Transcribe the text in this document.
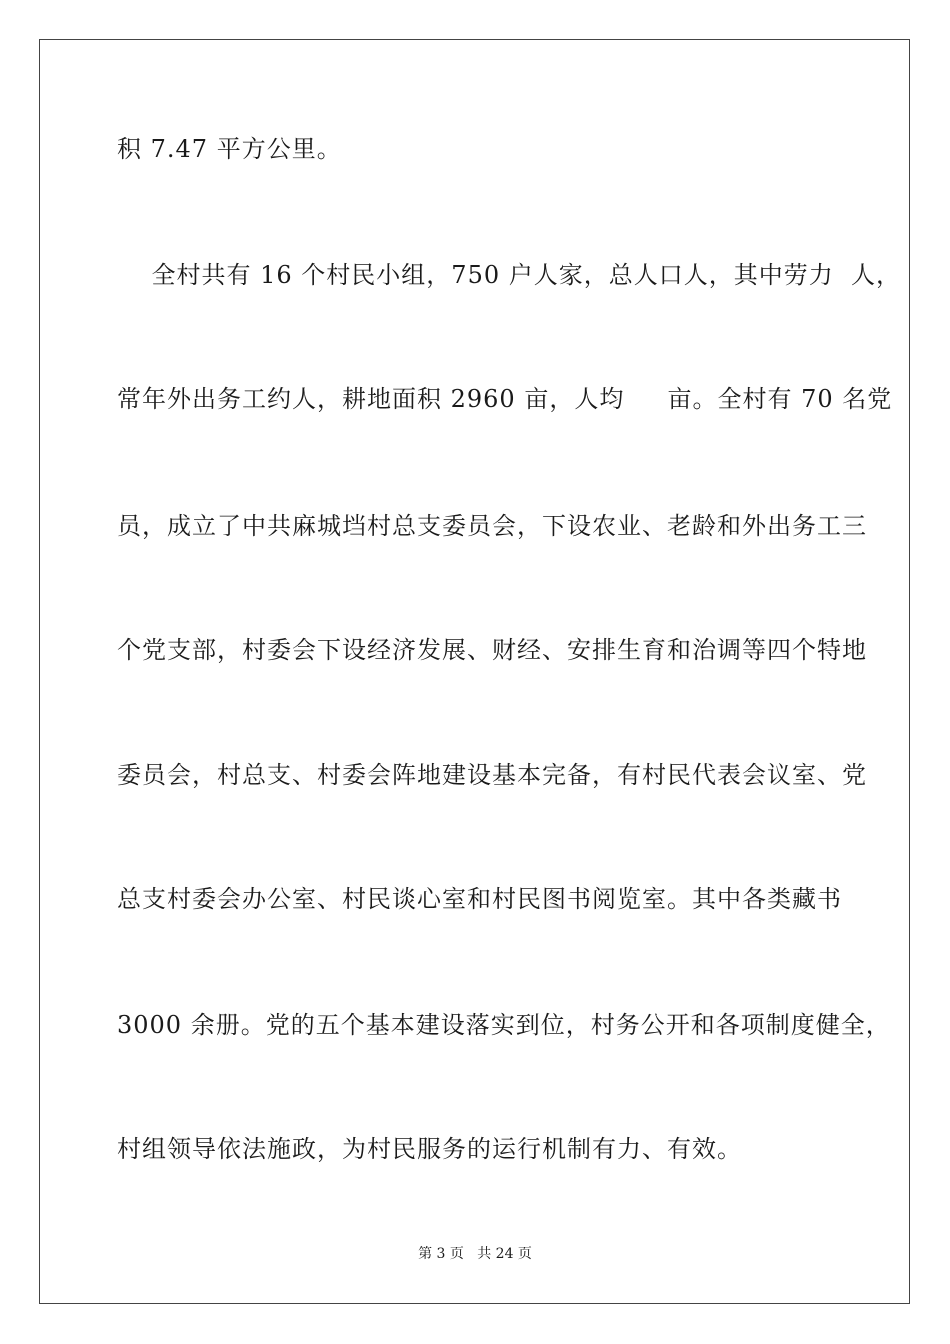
积 7.47 平方公里。
全村共有 16 个村民小组，750 户人家，总人口人，其中劳力  人，
常年外出务工约人，耕地面积 2960 亩，人均     亩。全村有 70 名党
员，成立了中共麻城垱村总支委员会，下设农业、老龄和外出务工三
个党支部，村委会下设经济发展、财经、安排生育和治调等四个特地
委员会，村总支、村委会阵地建设基本完备，有村民代表会议室、党
总支村委会办公室、村民谈心室和村民图书阅览室。其中各类藏书
3000 余册。党的五个基本建设落实到位，村务公开和各项制度健全，
村组领导依法施政，为村民服务的运行机制有力、有效。
第 3 页   共 24 页
